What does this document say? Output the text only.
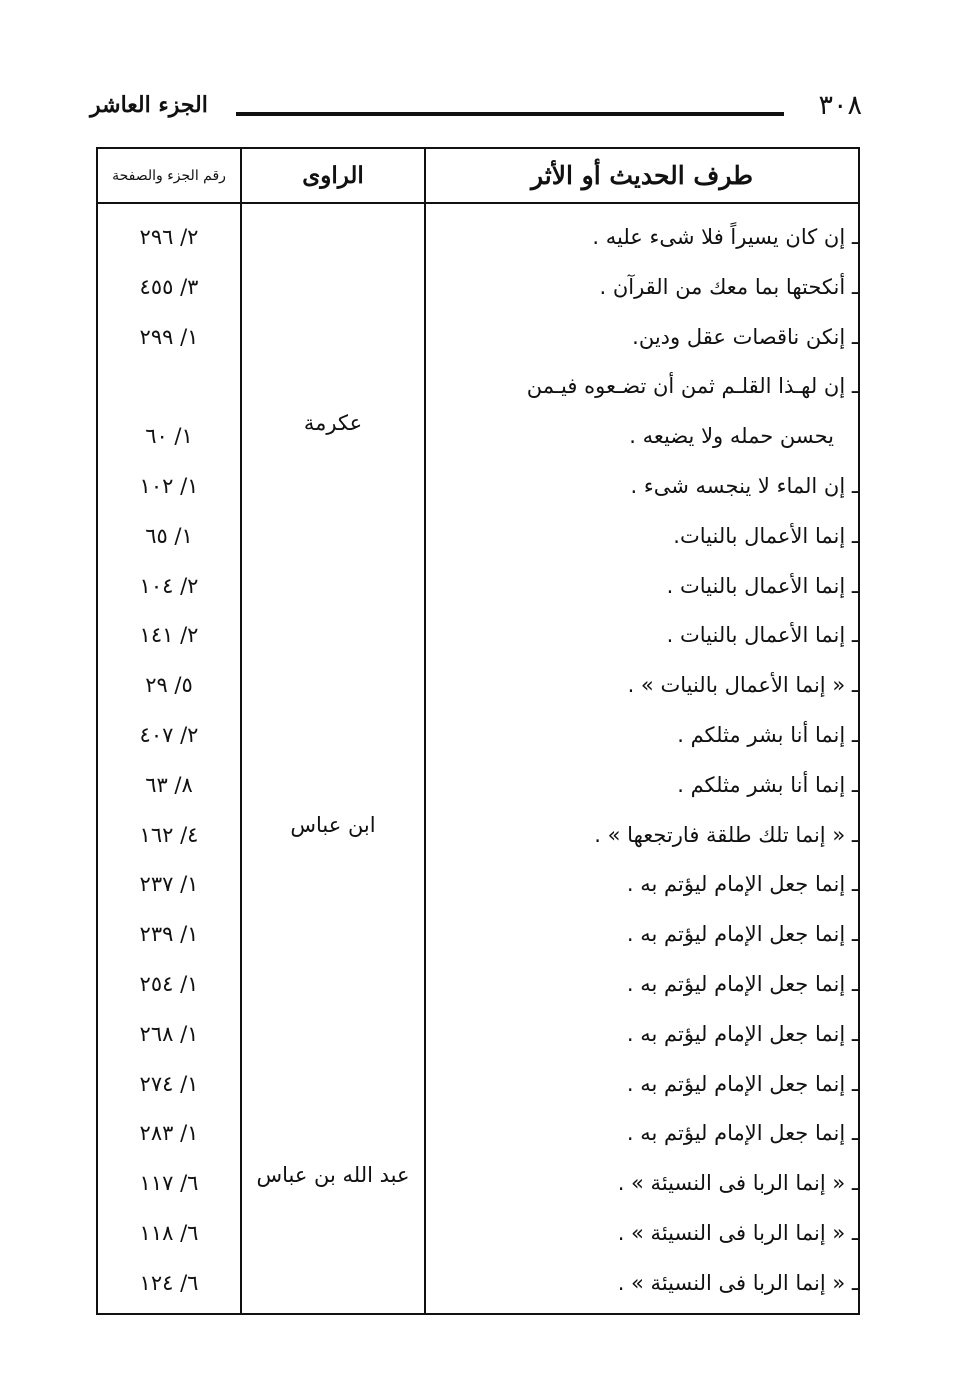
٣٠٨
الجزء العاشر
طرف الحديث أو الأثر
الراوى
رقم الجزء والصفحة
عكرمة
ابن عباس
عبد الله بن عباس
ـ إن كان يسيراً فلا شىء عليه .
٢/ ٢٩٦
ـ أنكحتها بما معك من القرآن .
٣/ ٤٥٥
ـ إنكن ناقصات عقل ودين.
١/ ٢٩٩
ـ إن لهـذا القلـم ثمن أن تضـعوه فيـمن
يحسن حمله ولا يضيعه .
١/ ٦٠
ـ إن الماء لا ينجسه شىء .
١/ ١٠٢
ـ إنما الأعمال بالنيات.
١/ ٦٥
ـ إنما الأعمال بالنيات .
٢/ ١٠٤
ـ إنما الأعمال بالنيات .
٢/ ١٤١
ـ « إنما الأعمال بالنيات » .
٥/ ٢٩
ـ إنما أنا بشر مثلكم .
٢/ ٤٠٧
ـ إنما أنا بشر مثلكم .
٨/ ٦٣
ـ « إنما تلك طلقة فارتجعها » .
٤/ ١٦٢
ـ إنما جعل الإمام ليؤتم به .
١/ ٢٣٧
ـ إنما جعل الإمام ليؤتم به .
١/ ٢٣٩
ـ إنما جعل الإمام ليؤتم به .
١/ ٢٥٤
ـ إنما جعل الإمام ليؤتم به .
١/ ٢٦٨
ـ إنما جعل الإمام ليؤتم به .
١/ ٢٧٤
ـ إنما جعل الإمام ليؤتم به .
١/ ٢٨٣
ـ « إنما الربا فى النسيئة » .
٦/ ١١٧
ـ « إنما الربا فى النسيئة » .
٦/ ١١٨
ـ « إنما الربا فى النسيئة » .
٦/ ١٢٤
